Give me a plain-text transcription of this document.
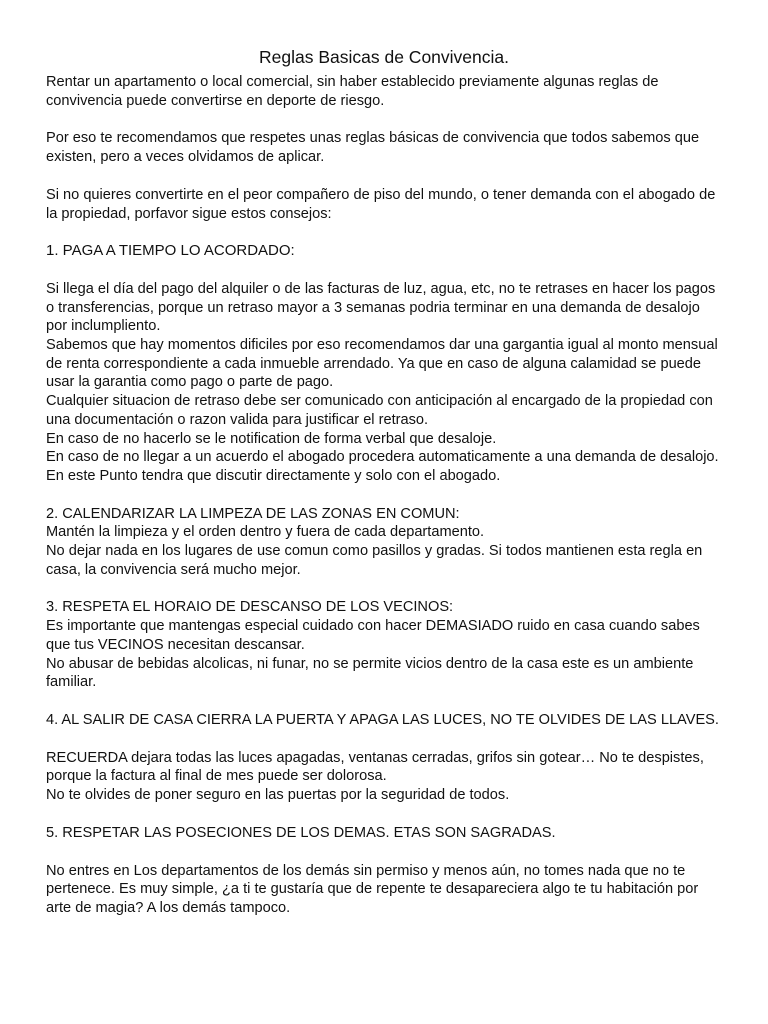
Reglas Basicas de Convivencia.

Rentar un apartamento o local comercial, sin haber establecido previamente algunas reglas de convivencia puede convertirse en deporte de riesgo.

Por eso te recomendamos que respetes unas reglas básicas de convivencia que todos sabemos que existen, pero a veces olvidamos de aplicar.

Si no quieres convertirte en el peor compañero de piso del mundo, o tener demanda con el abogado de la propiedad, porfavor sigue estos consejos:

1. PAGA A TIEMPO LO ACORDADO:

Si llega el día del pago del alquiler o de las facturas de luz, agua, etc, no te retrases en hacer los pagos o transferencias, porque un retraso mayor a 3 semanas podria terminar en una demanda de desalojo por inclumpliento.

Sabemos que hay momentos dificiles por eso recomendamos dar una gargantia igual al monto mensual de renta correspondiente a cada inmueble arrendado. Ya que en caso de alguna calamidad se puede usar la garantia como pago o parte de pago.

Cualquier situacion de retraso debe ser comunicado con anticipación al encargado de la propiedad con una documentación o razon valida para justificar el retraso.

En caso de no hacerlo se le notification de forma verbal que desaloje.

En caso de no llegar a un acuerdo el abogado procedera automaticamente a una demanda de desalojo.

En este Punto tendra que discutir directamente y solo con el abogado.

2. CALENDARIZAR LA LIMPEZA DE LAS ZONAS EN COMUN:

Mantén la limpieza y el orden dentro y fuera de cada departamento.

No dejar nada en los lugares de use comun como pasillos y gradas. Si todos mantienen esta regla en casa, la convivencia será mucho mejor.

3. RESPETA EL HORAIO DE DESCANSO DE LOS VECINOS:

Es importante que mantengas especial cuidado con hacer DEMASIADO ruido en casa cuando sabes que tus VECINOS necesitan descansar.

No abusar de bebidas alcolicas, ni funar, no se permite vicios dentro de la casa este es un ambiente familiar.

4. AL SALIR DE CASA CIERRA LA PUERTA Y APAGA LAS LUCES, NO TE OLVIDES DE LAS LLAVES.

RECUERDA dejara todas las luces apagadas, ventanas cerradas, grifos sin gotear… No te despistes, porque la factura al final de mes puede ser dolorosa.

No te olvides de poner seguro en las puertas por la seguridad de todos.

5. RESPETAR LAS POSECIONES DE LOS DEMAS. ETAS SON SAGRADAS.

No entres en Los departamentos de los demás sin permiso y menos aún, no tomes nada que no te pertenece. Es muy simple, ¿a ti te gustaría que de repente te desapareciera algo te tu habitación por arte de magia? A los demás tampoco.
